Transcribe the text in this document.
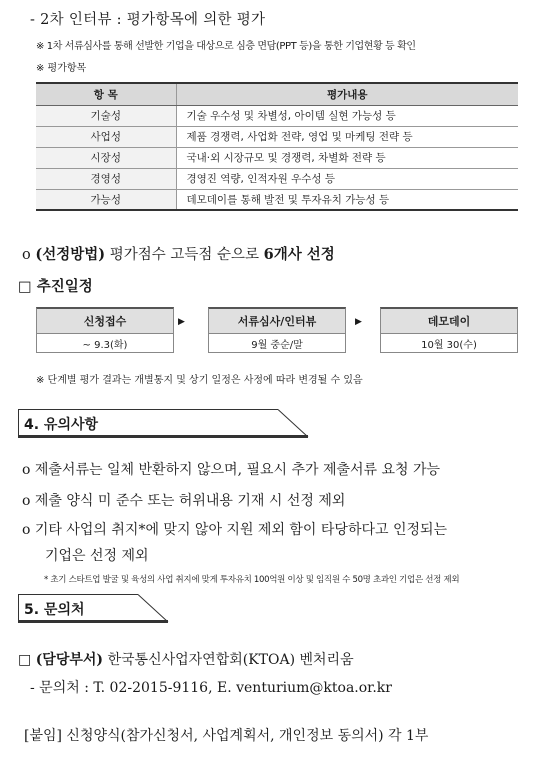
- 2차 인터뷰 : 평가항목에 의한 평가
※ 1차 서류심사를 통해 선발한 기업을 대상으로 심층 면담(PPT 등)을 통한 기업현황 등 확인
※ 평가항목
항 목	평가내용
기술성	기술 우수성 및 차별성, 아이템 실현 가능성 등
사업성	제품 경쟁력, 사업화 전략, 영업 및 마케팅 전략 등
시장성	국내‧외 시장규모 및 경쟁력, 차별화 전략 등
경영성	경영진 역량, 인적자원 우수성 등
가능성	데모데이를 통해 발전 및 투자유치 가능성 등
o (선정방법) 평가점수 고득점 순으로 6개사 선정
□ 추진일정
신청접수
~ 9.3(화)
▶	서류심사/인터뷰
9월 중순/말
▶	데모데이
10월 30(수)
※ 단계별 평가 결과는 개별통지 및 상기 일정은 사정에 따라 변경될 수 있음
4. 유의사항
o 제출서류는 일체 반환하지 않으며, 필요시 추가 제출서류 요청 가능
o 제출 양식 미 준수 또는 허위내용 기재 시 선정 제외
o 기타 사업의 취지*에 맞지 않아 지원 제외 함이 타당하다고 인정되는
기업은 선정 제외
* 초기 스타트업 발굴 및 육성의 사업 취지에 맞게 투자유치 100억원 이상 및 임직원 수 50명 초과인 기업은 선정 제외
5. 문의처
□ (담당부서) 한국통신사업자연합회(KTOA) 벤처리움
- 문의처 : T. 02-2015-9116, E. venturium@ktoa.or.kr
[붙임] 신청양식(참가신청서, 사업계획서, 개인정보 동의서) 각 1부
